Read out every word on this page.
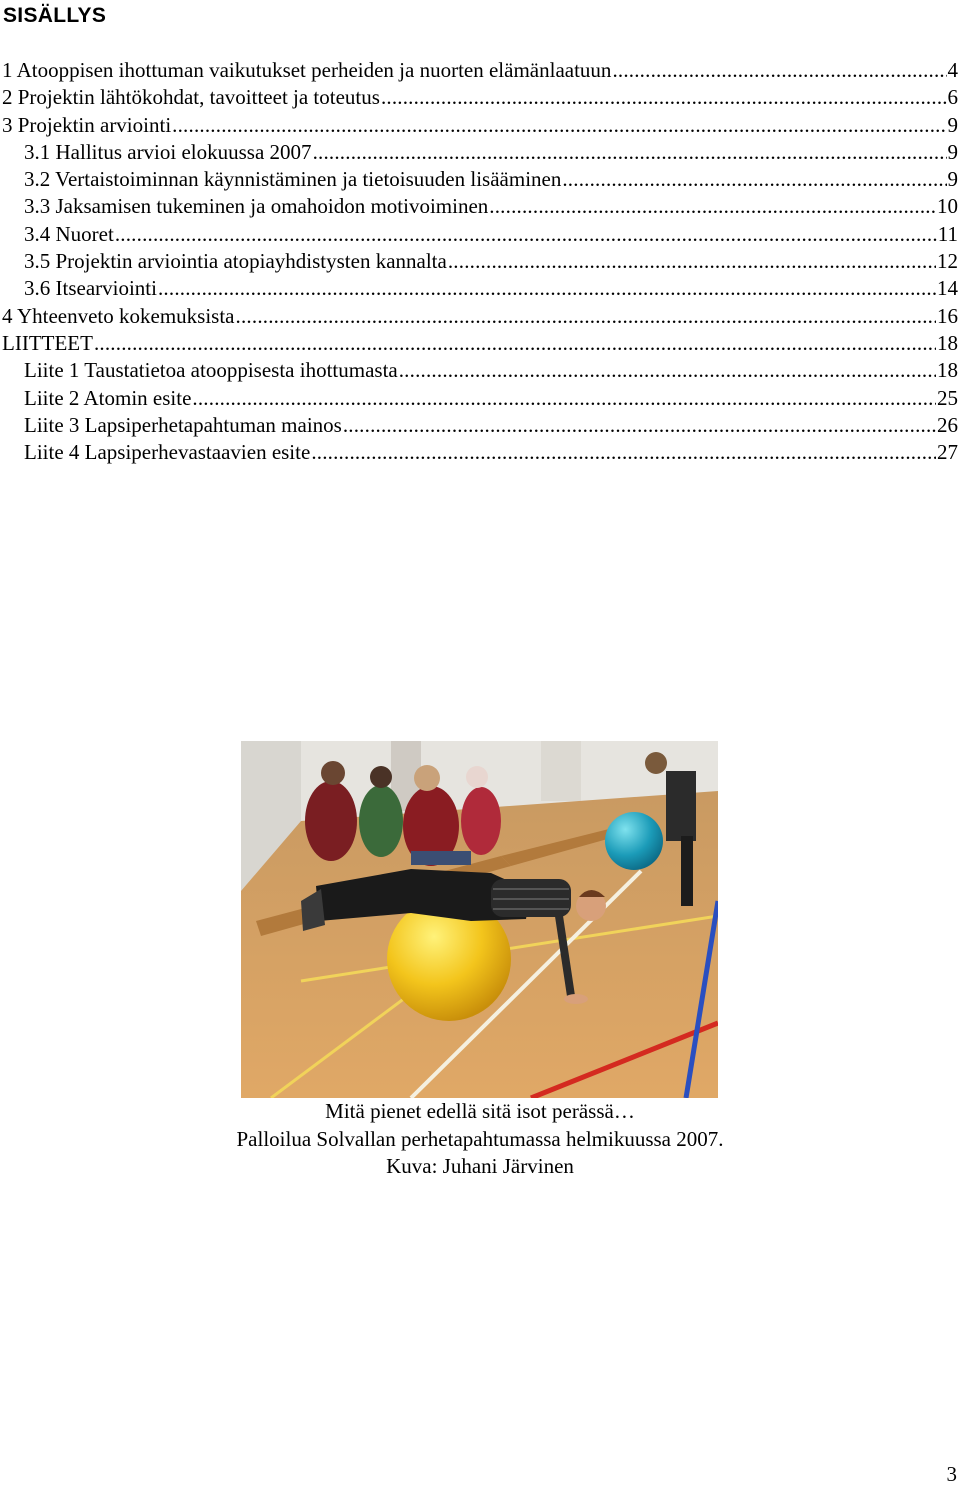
SISÄLLYS
1 Atooppisen ihottuman vaikutukset perheiden ja nuorten elämänlaatuun .....	4
2 Projektin lähtökohdat, tavoitteet ja toteutus .....	6
3 Projektin arviointi .....	9
3.1 Hallitus arvioi elokuussa 2007 .....	9
3.2 Vertaistoiminnan käynnistäminen ja tietoisuuden lisääminen .....	9
3.3 Jaksamisen tukeminen ja omahoidon motivoiminen .....	10
3.4 Nuoret .....	11
3.5 Projektin arviointia atopiayhdistysten kannalta .....	12
3.6 Itsearviointi .....	14
4 Yhteenveto kokemuksista .....	16
LIITTEET .....	18
Liite 1 Taustatietoa atooppisesta ihottumasta .....	18
Liite 2 Atomin esite .....	25
Liite 3 Lapsiperhetapahtuman mainos .....	26
Liite 4 Lapsiperhevastaavien esite .....	27
Mitä pienet edellä sitä isot perässä…
Palloilua Solvallan perhetapahtumassa helmikuussa 2007.
Kuva: Juhani Järvinen
3
